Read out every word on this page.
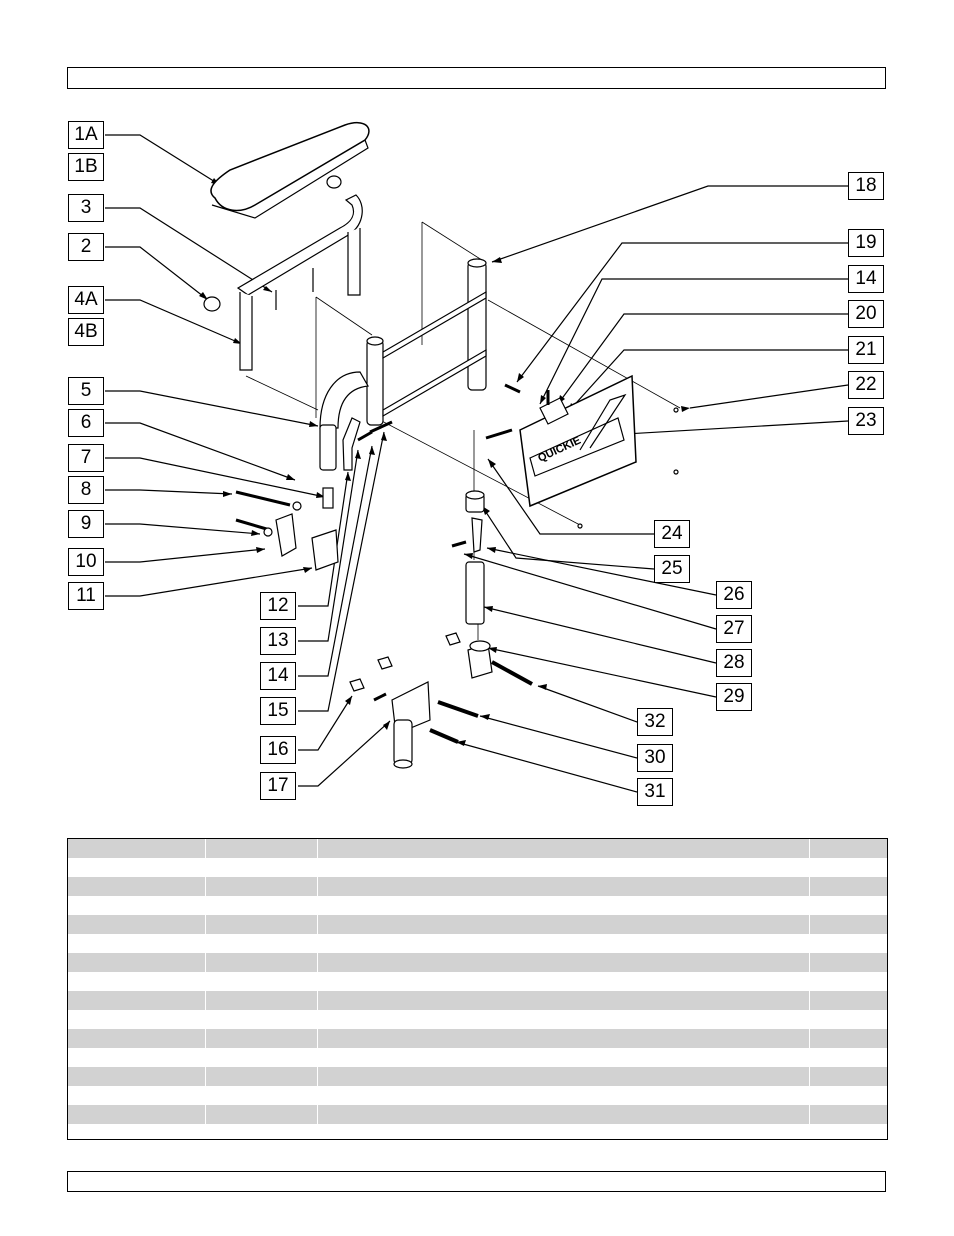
QUICKIE
1A
1B
3
2
4A
4B
5
6
7
8
9
10
11	12
13
14
15
16
17
18
19
14
20
21
22
23
24
25
26
27
28
29
32
30
31
